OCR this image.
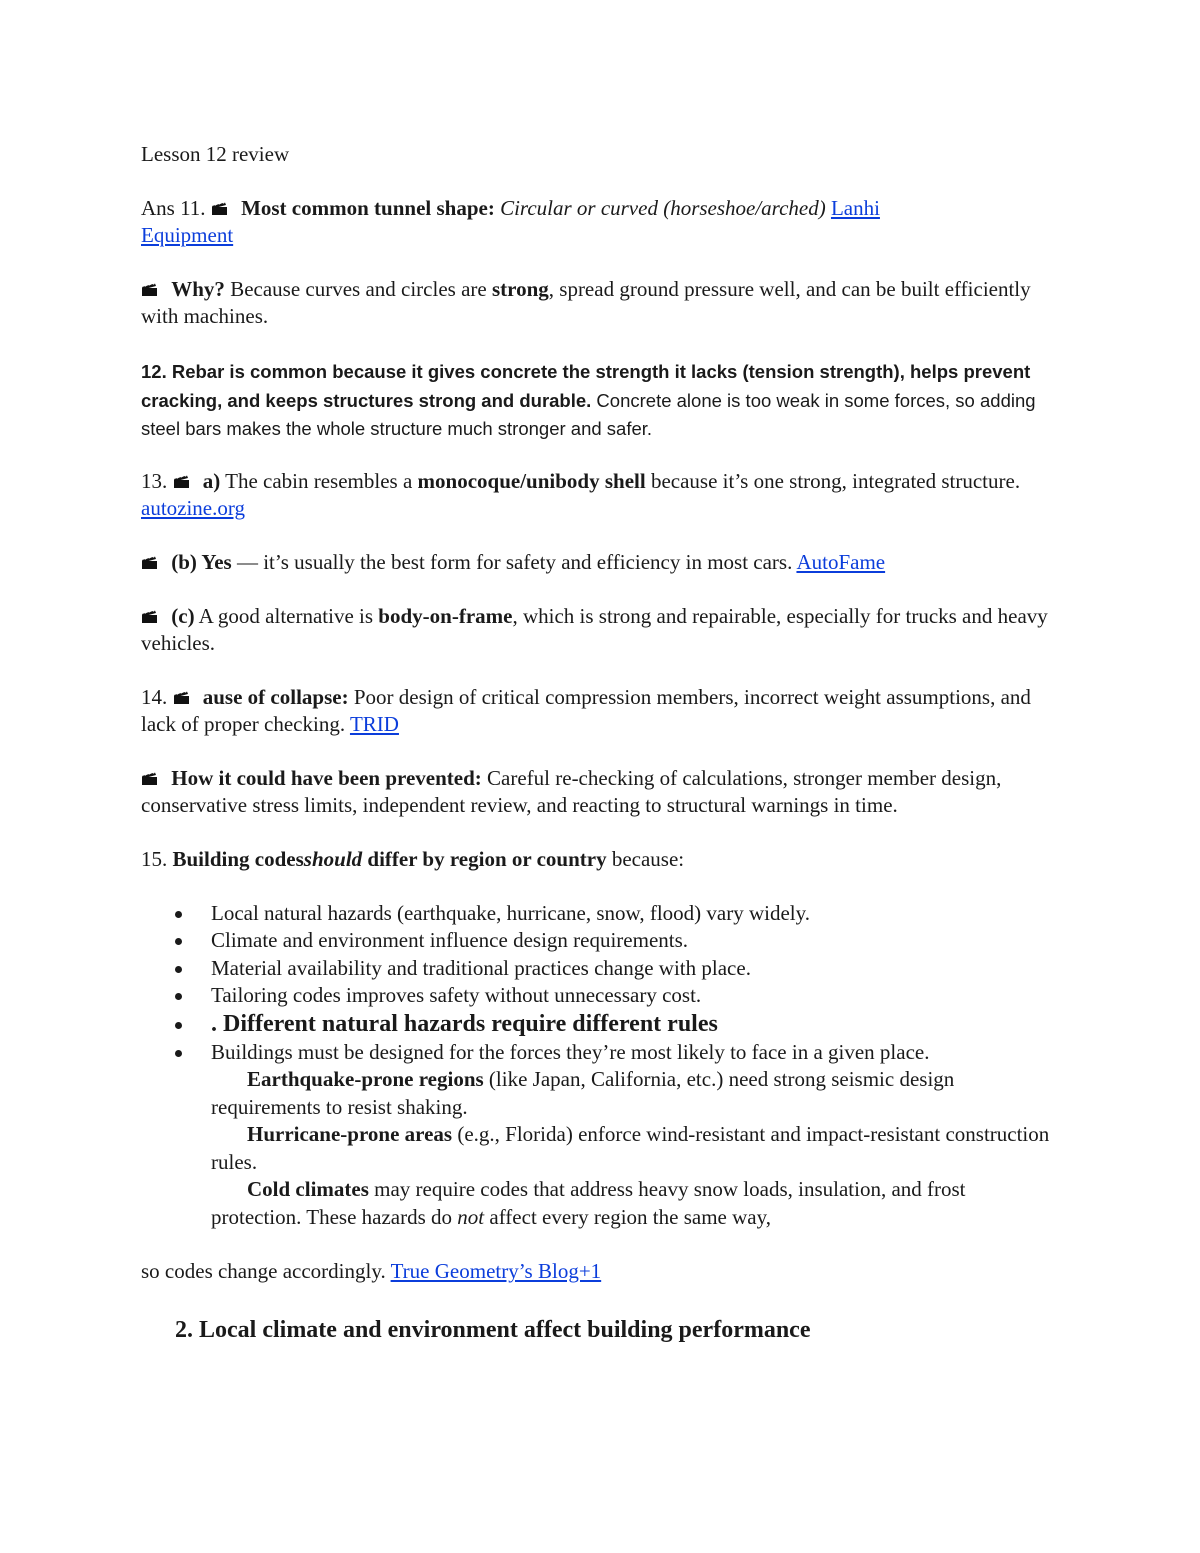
Lesson 12 review

Ans 11.
Most common tunnel shape: Circular or curved (horseshoe/arched) Lanhi
Equipment

Why? Because curves and circles are strong, spread ground pressure well, and can be built efficiently with machines.

12. Rebar is common because it gives concrete the strength it lacks (tension strength), helps prevent cracking, and keeps structures strong and durable. Concrete alone is too weak in some forces, so adding steel bars makes the whole structure much stronger and safer.

13.
a) The cabin resembles a monocoque/unibody shell because it’s one strong, integrated structure. autozine.org

(b) Yes — it’s usually the best form for safety and efficiency in most cars. AutoFame

(c) A good alternative is body-on-frame, which is strong and repairable, especially for trucks and heavy vehicles.

14.
ause of collapse: Poor design of critical compression members, incorrect weight assumptions, and lack of proper checking. TRID

How it could have been prevented: Careful re-checking of calculations, stronger member design, conservative stress limits, independent review, and reacting to structural warnings in time.

15. Building codesshould differ by region or country because:

Local natural hazards (earthquake, hurricane, snow, flood) vary widely.
Climate and environment influence design requirements.
Material availability and traditional practices change with place.
Tailoring codes improves safety without unnecessary cost.
. Different natural hazards require different rules
Buildings must be designed for the forces they’re most likely to face in a given place.
Earthquake-prone regions (like Japan, California, etc.) need strong seismic design requirements to resist shaking.
Hurricane-prone areas (e.g., Florida) enforce wind-resistant and impact-resistant construction rules.
Cold climates may require codes that address heavy snow loads, insulation, and frost protection. These hazards do not affect every region the same way,

so codes change accordingly. True Geometry’s Blog+1

2. Local climate and environment affect building performance
